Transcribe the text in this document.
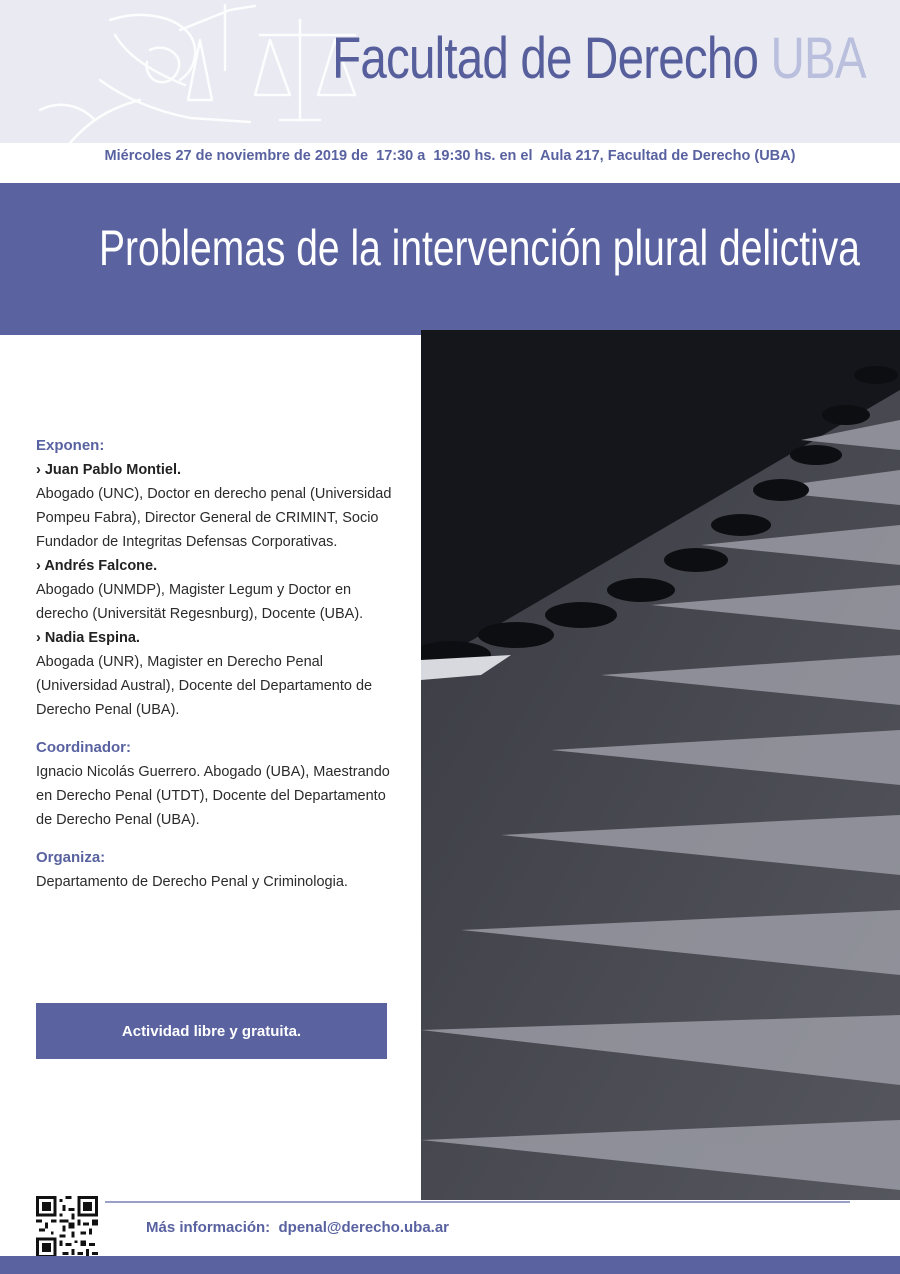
Facultad de Derecho UBA
Miércoles 27 de noviembre de 2019 de  17:30 a  19:30 hs. en el  Aula 217, Facultad de Derecho (UBA)
Problemas de la intervención plural delictiva
Exponen:
› Juan Pablo Montiel.
Abogado (UNC), Doctor en derecho penal (Universidad Pompeu Fabra), Director General de CRIMINT, Socio Fundador de Integritas Defensas Corporativas.
› Andrés Falcone.
Abogado (UNMDP), Magister Legum y Doctor en derecho (Universität Regesnburg), Docente (UBA).
› Nadia Espina.
Abogada (UNR), Magister en Derecho Penal (Universidad Austral), Docente del Departamento de Derecho Penal (UBA).
Coordinador:
Ignacio Nicolás Guerrero. Abogado (UBA), Maestrando en Derecho Penal (UTDT), Docente del Departamento de Derecho Penal (UBA).
Organiza:
Departamento de Derecho Penal y Criminologia.
Actividad libre y gratuita.
Más información:  dpenal@derecho.uba.ar
